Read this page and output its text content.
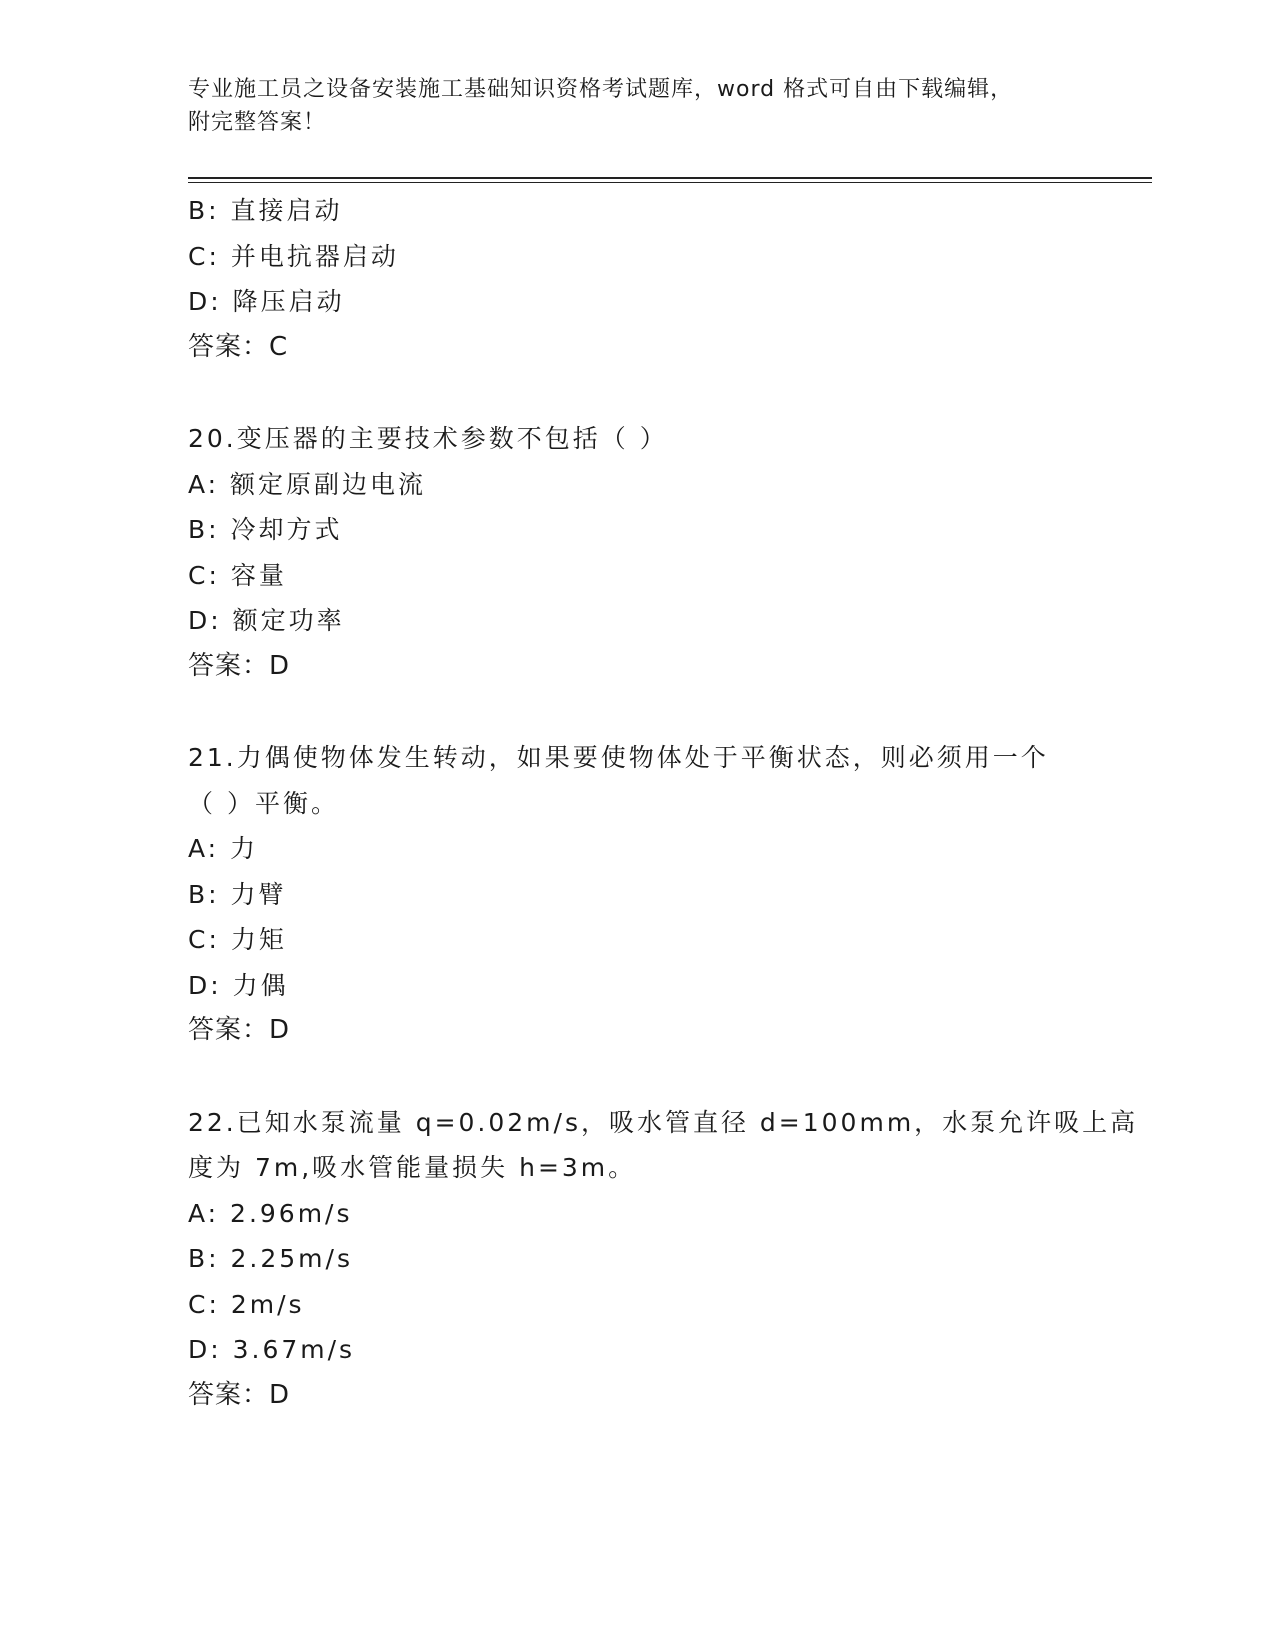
专业施工员之设备安装施工基础知识资格考试题库，word 格式可自由下载编辑，
附完整答案！
B: 直接启动
C: 并电抗器启动
D: 降压启动
答案：C
20.变压器的主要技术参数不包括（ ）
A: 额定原副边电流
B: 冷却方式
C: 容量
D: 额定功率
答案：D
21.力偶使物体发生转动，如果要使物体处于平衡状态，则必须用一个
（ ）平衡。
A: 力
B: 力臂
C: 力矩
D: 力偶
答案：D
22.已知水泵流量 q=0.02m/s，吸水管直径 d=100mm，水泵允许吸上高
度为 7m,吸水管能量损失 h=3m。
A: 2.96m/s
B: 2.25m/s
C: 2m/s
D: 3.67m/s
答案：D
